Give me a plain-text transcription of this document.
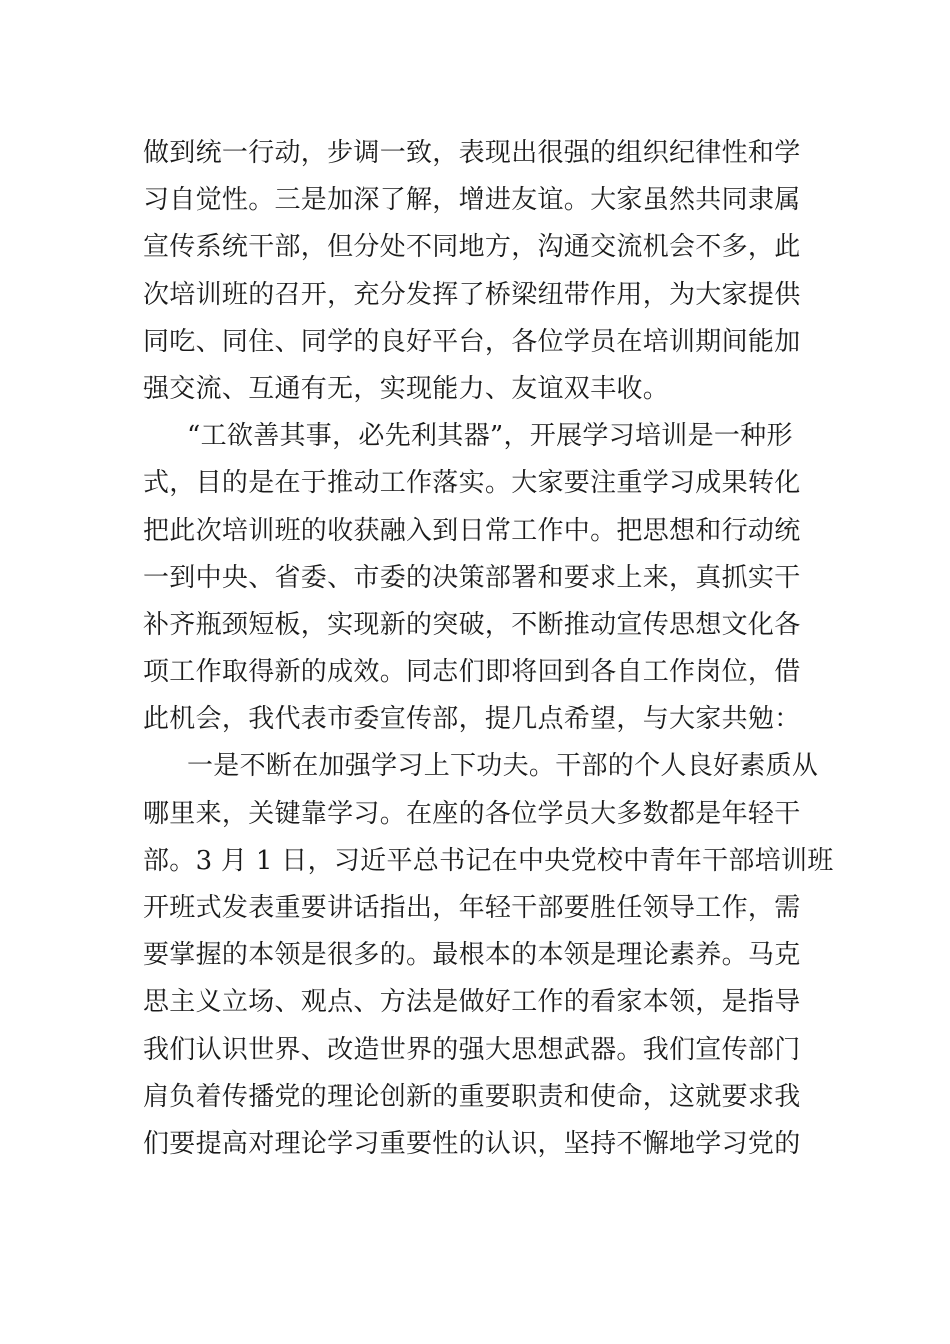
做到统一行动，步调一致，表现出很强的组织纪律性和学
习自觉性。三是加深了解，增进友谊。大家虽然共同隶属
宣传系统干部，但分处不同地方，沟通交流机会不多，此
次培训班的召开，充分发挥了桥梁纽带作用，为大家提供
同吃、同住、同学的良好平台，各位学员在培训期间能加
强交流、互通有无，实现能力、友谊双丰收。
“工欲善其事，必先利其器”，开展学习培训是一种形
式，目的是在于推动工作落实。大家要注重学习成果转化
把此次培训班的收获融入到日常工作中。把思想和行动统
一到中央、省委、市委的决策部署和要求上来，真抓实干
补齐瓶颈短板，实现新的突破，不断推动宣传思想文化各
项工作取得新的成效。同志们即将回到各自工作岗位，借
此机会，我代表市委宣传部，提几点希望，与大家共勉：
一是不断在加强学习上下功夫。干部的个人良好素质从
哪里来，关键靠学习。在座的各位学员大多数都是年轻干
部。3 月 1 日，习近平总书记在中央党校中青年干部培训班
开班式发表重要讲话指出，年轻干部要胜任领导工作，需
要掌握的本领是很多的。最根本的本领是理论素养。马克
思主义立场、观点、方法是做好工作的看家本领，是指导
我们认识世界、改造世界的强大思想武器。我们宣传部门
肩负着传播党的理论创新的重要职责和使命，这就要求我
们要提高对理论学习重要性的认识，坚持不懈地学习党的
